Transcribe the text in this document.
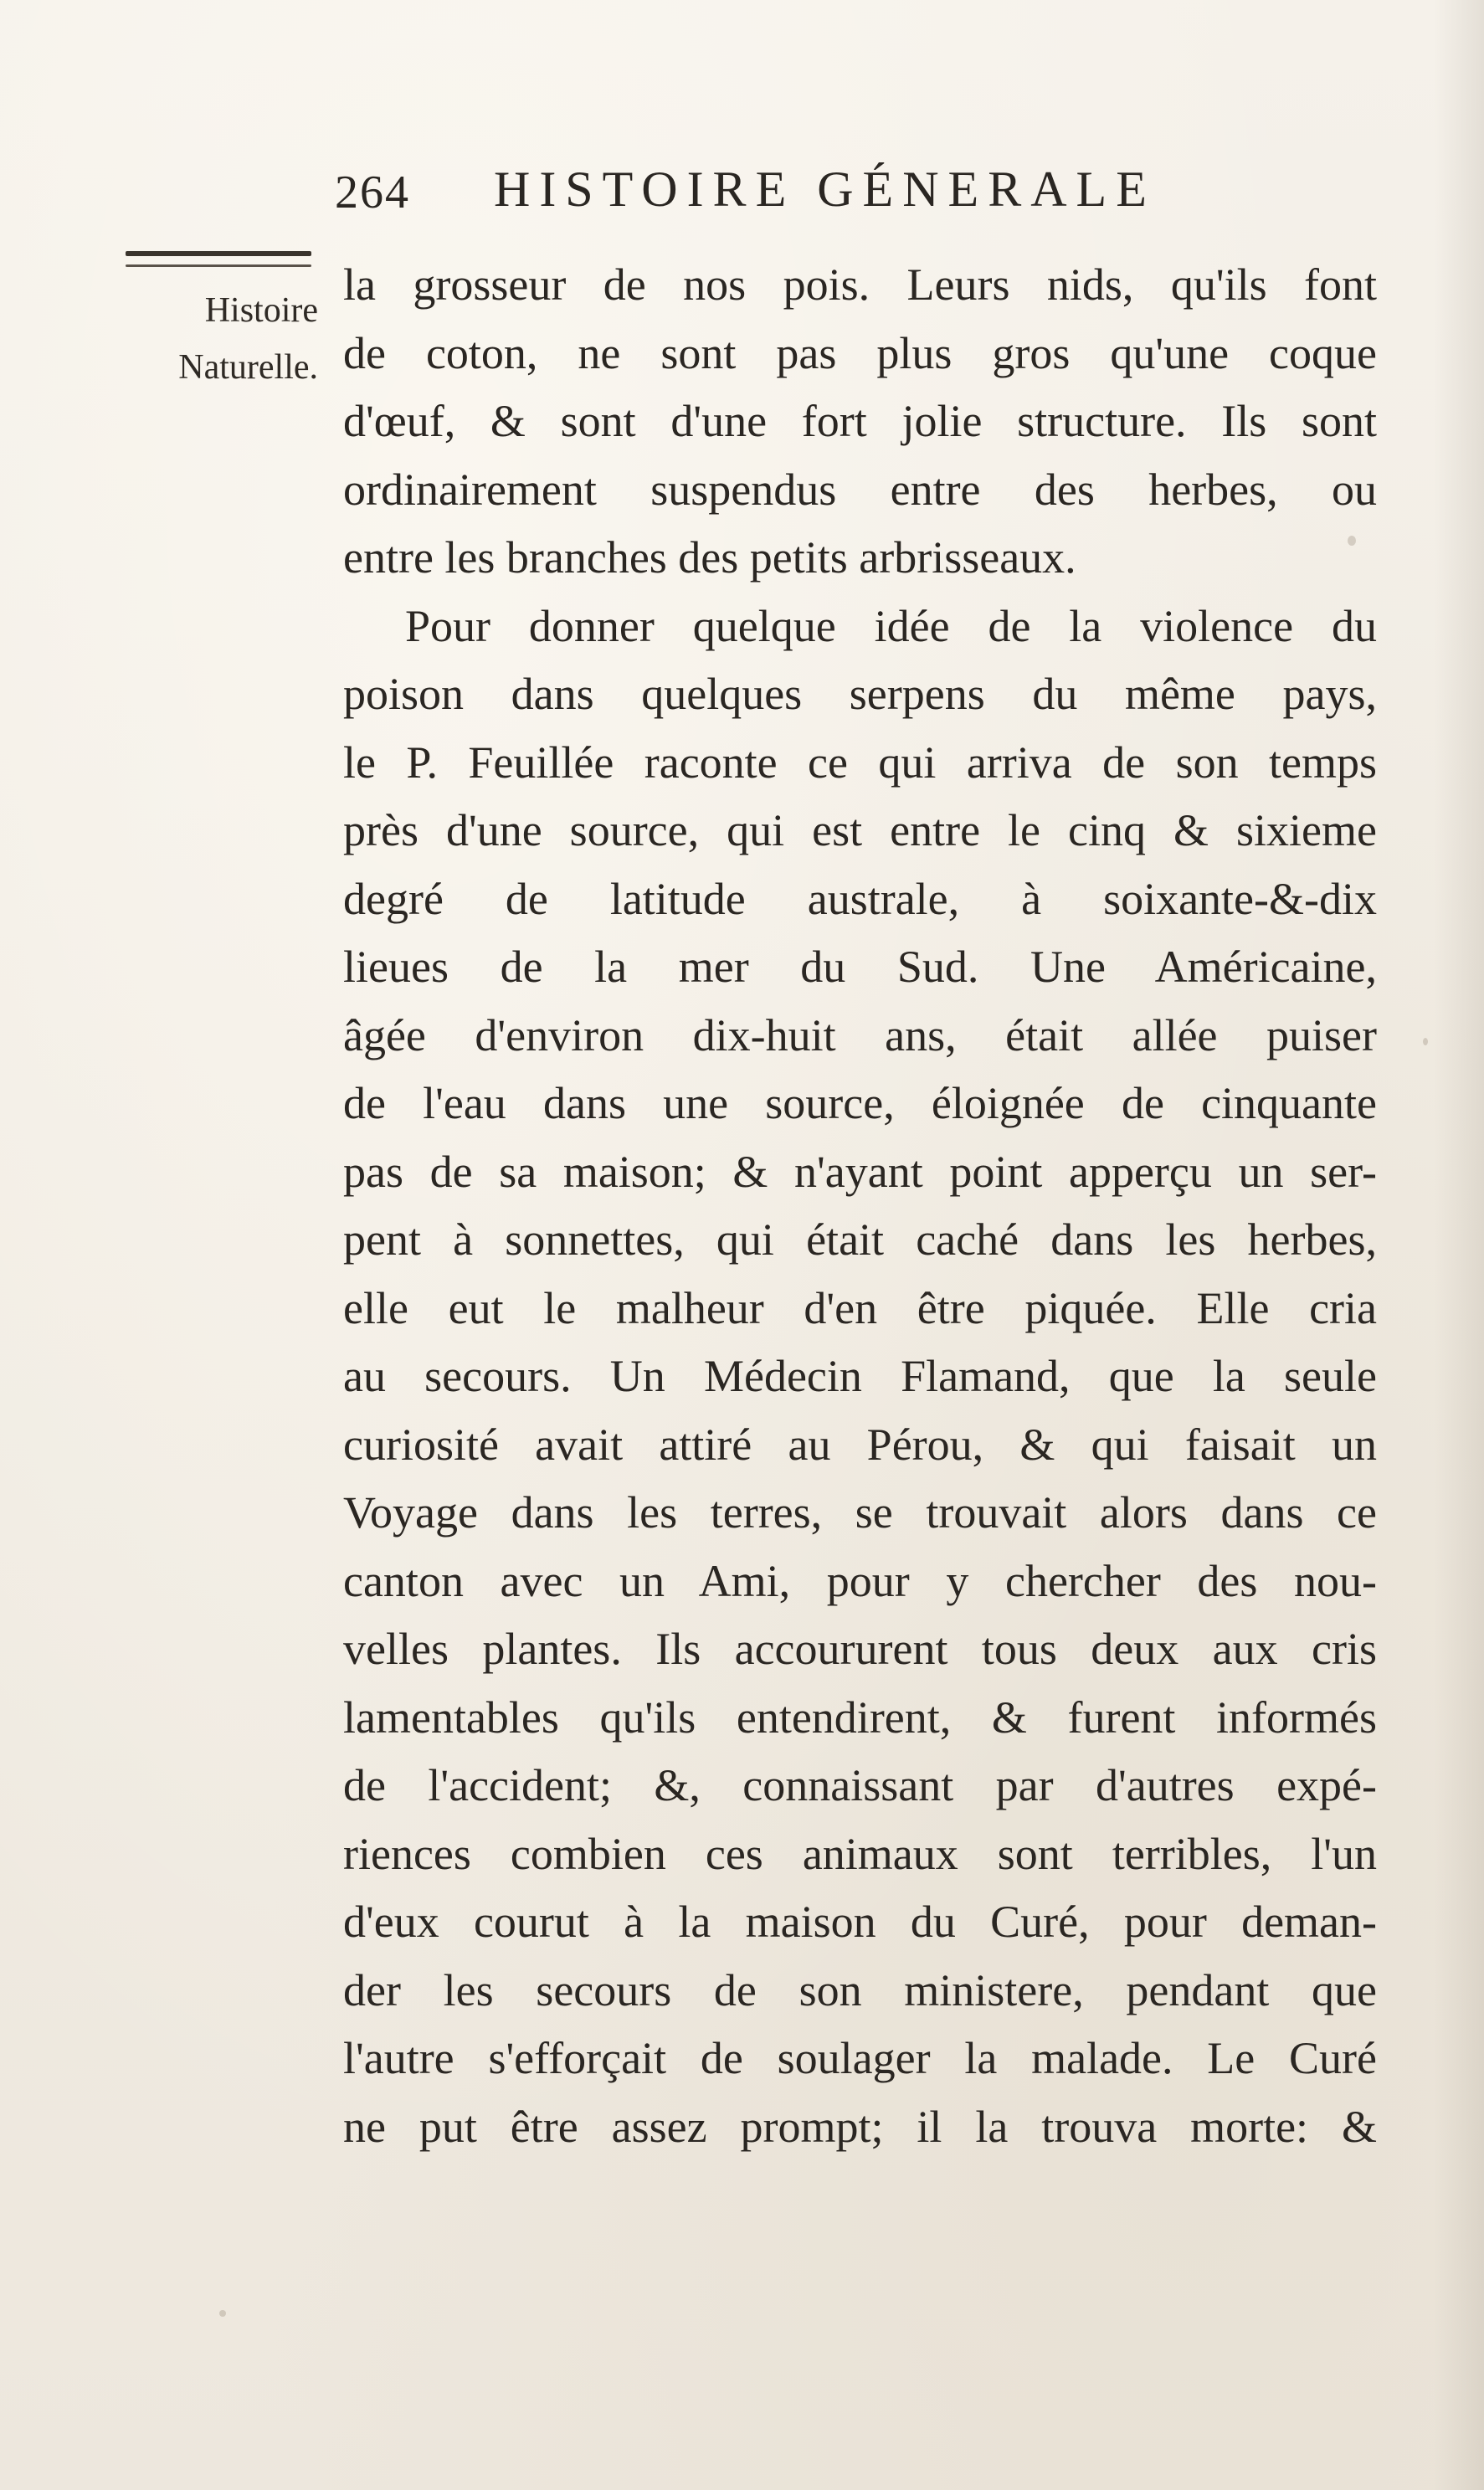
264 HISTOIRE GÉNERALE
Histoire
Naturelle.
la grosseur de nos pois. Leurs nids, qu'ils font
de coton, ne sont pas plus gros qu'une coque
d'œuf, & sont d'une fort jolie structure. Ils sont
ordinairement suspendus entre des herbes, ou
entre les branches des petits arbrisseaux.
Pour donner quelque idée de la violence du
poison dans quelques serpens du même pays,
le P. Feuillée raconte ce qui arriva de son temps
près d'une source, qui est entre le cinq & sixieme
degré de latitude australe, à soixante-&-dix
lieues de la mer du Sud. Une Américaine,
âgée d'environ dix-huit ans, était allée puiser
de l'eau dans une source, éloignée de cinquante
pas de sa maison; & n'ayant point apperçu un ser-
pent à sonnettes, qui était caché dans les herbes,
elle eut le malheur d'en être piquée. Elle cria
au secours. Un Médecin Flamand, que la seule
curiosité avait attiré au Pérou, & qui faisait un
Voyage dans les terres, se trouvait alors dans ce
canton avec un Ami, pour y chercher des nou-
velles plantes. Ils accoururent tous deux aux cris
lamentables qu'ils entendirent, & furent informés
de l'accident; &, connaissant par d'autres expé-
riences combien ces animaux sont terribles, l'un
d'eux courut à la maison du Curé, pour deman-
der les secours de son ministere, pendant que
l'autre s'efforçait de soulager la malade. Le Curé
ne put être assez prompt; il la trouva morte: &
